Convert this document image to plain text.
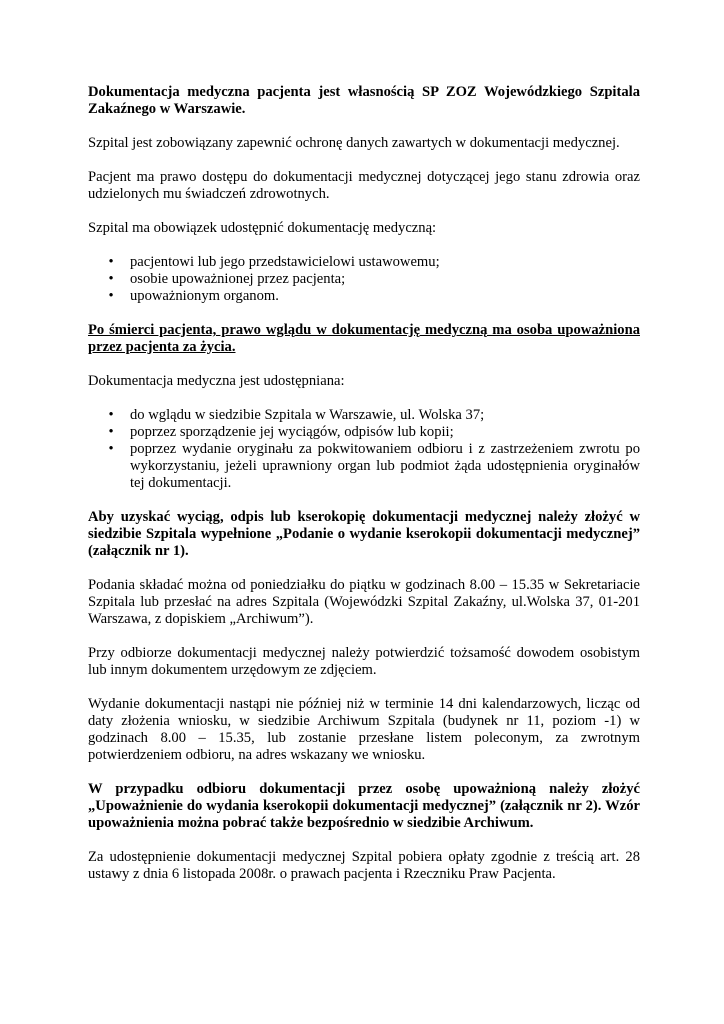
Dokumentacja medyczna pacjenta jest własnością SP ZOZ Wojewódzkiego Szpitala Zakaźnego w Warszawie.

Szpital jest zobowiązany zapewnić ochronę danych zawartych w dokumentacji medycznej.

Pacjent ma prawo dostępu do dokumentacji medycznej dotyczącej jego stanu zdrowia oraz udzielonych mu świadczeń zdrowotnych.

Szpital ma obowiązek udostępnić dokumentację medyczną:

• pacjentowi lub jego przedstawicielowi ustawowemu;
• osobie upoważnionej przez pacjenta;
• upoważnionym organom.

Po śmierci pacjenta, prawo wglądu w dokumentację medyczną ma osoba upoważniona przez pacjenta za życia.

Dokumentacja medyczna jest udostępniana:

• do wglądu w siedzibie Szpitala w Warszawie, ul. Wolska 37;
• poprzez sporządzenie jej wyciągów, odpisów lub kopii;
• poprzez wydanie oryginału za pokwitowaniem odbioru i z zastrzeżeniem zwrotu po wykorzystaniu, jeżeli uprawniony organ lub podmiot żąda udostępnienia oryginałów tej dokumentacji.

Aby uzyskać wyciąg, odpis lub kserokopię dokumentacji medycznej należy złożyć w siedzibie Szpitala wypełnione „Podanie o wydanie kserokopii dokumentacji medycznej” (załącznik nr 1).

Podania składać można od poniedziałku do piątku w godzinach 8.00 – 15.35 w Sekretariacie Szpitala lub przesłać na adres Szpitala (Wojewódzki Szpital Zakaźny, ul.Wolska 37, 01-201 Warszawa, z dopiskiem „Archiwum”).

Przy odbiorze dokumentacji medycznej należy potwierdzić tożsamość dowodem osobistym lub innym dokumentem urzędowym ze zdjęciem.

Wydanie dokumentacji nastąpi nie później niż w terminie 14 dni kalendarzowych, licząc od daty złożenia wniosku, w siedzibie Archiwum Szpitala (budynek nr 11, poziom -1) w godzinach 8.00 – 15.35, lub zostanie przesłane listem poleconym, za zwrotnym potwierdzeniem odbioru, na adres wskazany we wniosku.

W przypadku odbioru dokumentacji przez osobę upoważnioną należy złożyć „Upoważnienie do wydania kserokopii dokumentacji medycznej” (załącznik nr 2). Wzór upoważnienia można pobrać także bezpośrednio w siedzibie Archiwum.

Za udostępnienie dokumentacji medycznej Szpital pobiera opłaty zgodnie z treścią art. 28 ustawy z dnia 6 listopada 2008r. o prawach pacjenta i Rzeczniku Praw Pacjenta.
